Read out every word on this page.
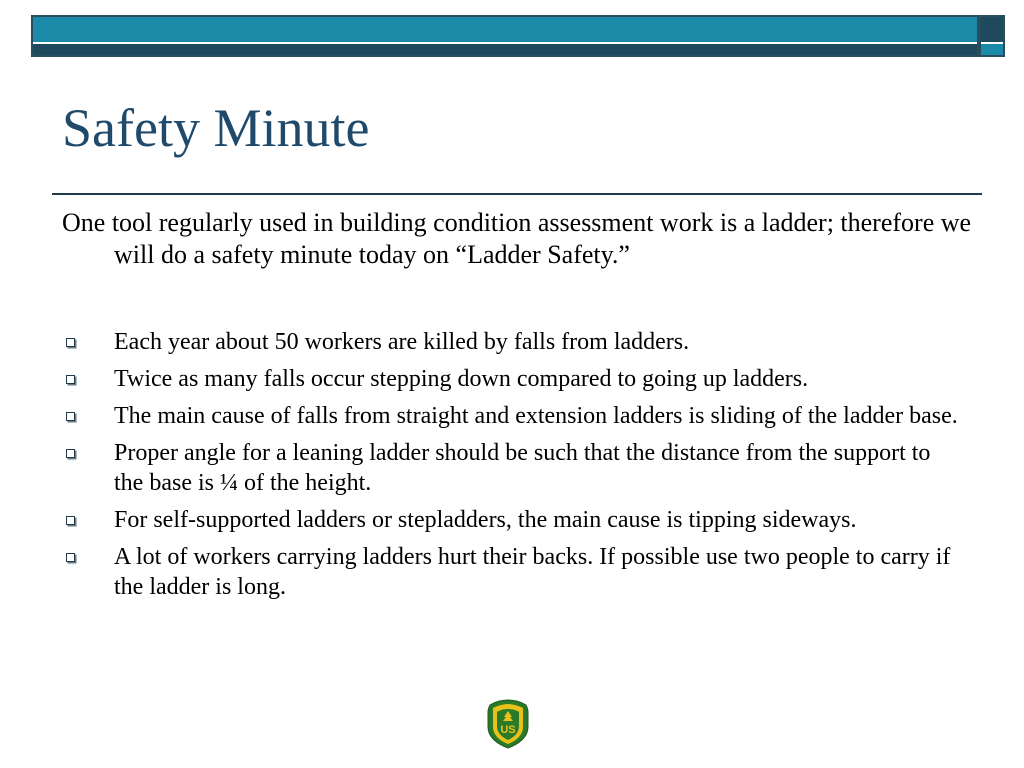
Safety Minute

One tool regularly used in building condition assessment work is a ladder; therefore we will do a safety minute today on “Ladder Safety.”

Each year about 50 workers are killed by falls from ladders.
Twice as many falls occur stepping down compared to going up ladders.
The main cause of falls from straight and extension ladders is sliding of the ladder base.
Proper angle for a leaning ladder should be such that the distance from the support to the base is ¼ of the height.
For self-supported ladders or stepladders, the main cause is tipping sideways.
A lot of workers carrying ladders hurt their backs. If possible use two people to carry if the ladder is long.
US
